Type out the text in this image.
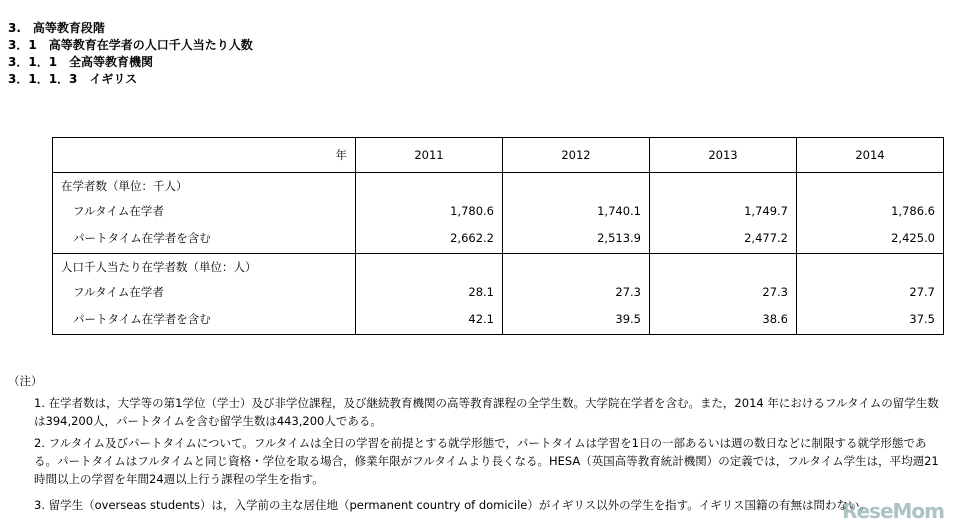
3.　高等教育段階
3．1　高等教育在学者の人口千人当たり人数
3．1．1　全高等教育機関
3．1．1．3　イギリス
年	2011	2012	2013	2014
在学者数（単位：千人）				
フルタイム在学者	1,780.6	1,740.1	1,749.7	1,786.6
パートタイム在学者を含む	2,662.2	2,513.9	2,477.2	2,425.0
人口千人当たり在学者数（単位：人）				
フルタイム在学者	28.1	27.3	27.3	27.7
パートタイム在学者を含む	42.1	39.5	38.6	37.5
（注）
1. 在学者数は，大学等の第1学位（学士）及び非学位課程，及び継続教育機関の高等教育課程の全学生数。大学院在学者を含む。また，2014 年におけるフルタイムの留学生数は394,200人，パートタイムを含む留学生数は443,200人である。
2. フルタイム及びパートタイムについて。フルタイムは全日の学習を前提とする就学形態で，パートタイムは学習を1日の一部あるいは週の数日などに制限する就学形態である。パートタイムはフルタイムと同じ資格・学位を取る場合，修業年限がフルタイムより長くなる。HESA（英国高等教育統計機関）の定義では，フルタイム学生は，平均週21時間以上の学習を年間24週以上行う課程の学生を指す。
3. 留学生（overseas students）は，入学前の主な居住地（permanent country of domicile）がイギリス以外の学生を指す。イギリス国籍の有無は問わない。
ReseMom
